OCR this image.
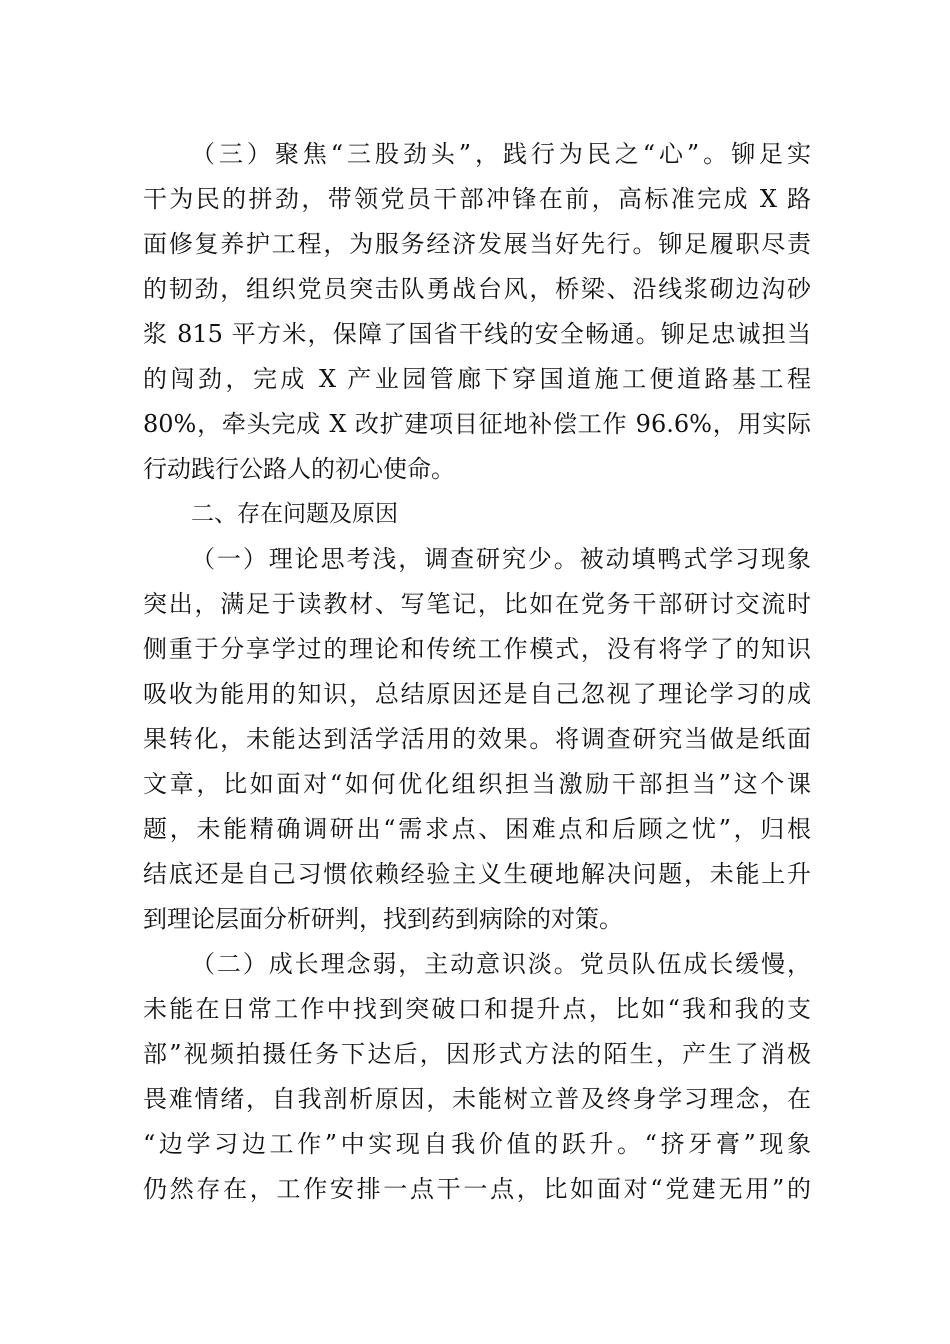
（三）聚焦“三股劲头”，践行为民之“心”。铆足实
干为民的拼劲，带领党员干部冲锋在前，高标准完成 X 路
面修复养护工程，为服务经济发展当好先行。铆足履职尽责
的韧劲，组织党员突击队勇战台风，桥梁、沿线浆砌边沟砂
浆 815 平方米，保障了国省干线的安全畅通。铆足忠诚担当
的闯劲，完成 X 产业园管廊下穿国道施工便道路基工程
80%，牵头完成 X 改扩建项目征地补偿工作 96.6%，用实际
行动践行公路人的初心使命。
二、存在问题及原因
（一）理论思考浅，调查研究少。被动填鸭式学习现象
突出，满足于读教材、写笔记，比如在党务干部研讨交流时
侧重于分享学过的理论和传统工作模式，没有将学了的知识
吸收为能用的知识，总结原因还是自己忽视了理论学习的成
果转化，未能达到活学活用的效果。将调查研究当做是纸面
文章，比如面对“如何优化组织担当激励干部担当”这个课
题，未能精确调研出“需求点、困难点和后顾之忧”，归根
结底还是自己习惯依赖经验主义生硬地解决问题，未能上升
到理论层面分析研判，找到药到病除的对策。
（二）成长理念弱，主动意识淡。党员队伍成长缓慢，
未能在日常工作中找到突破口和提升点，比如“我和我的支
部”视频拍摄任务下达后，因形式方法的陌生，产生了消极
畏难情绪，自我剖析原因，未能树立普及终身学习理念，在
“边学习边工作”中实现自我价值的跃升。“挤牙膏”现象
仍然存在，工作安排一点干一点，比如面对“党建无用”的
